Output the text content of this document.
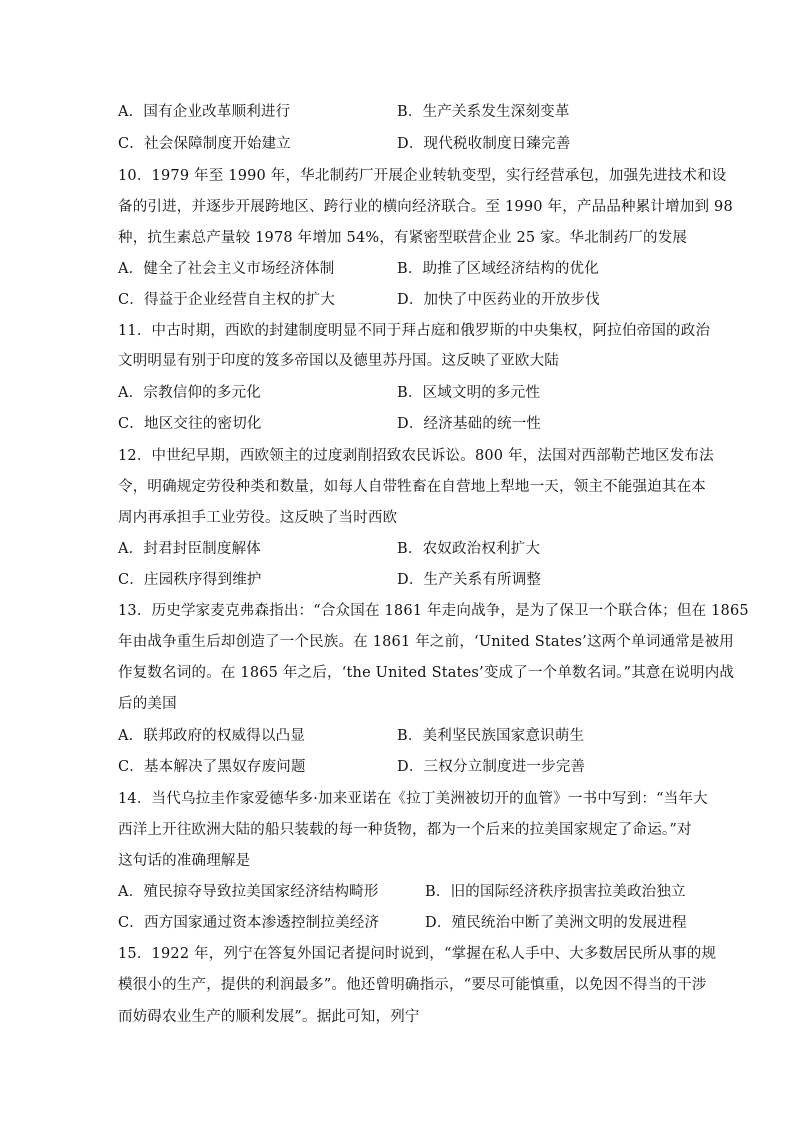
A．国有企业改革顺利进行	B．生产关系发生深刻变革
C．社会保障制度开始建立	D．现代税收制度日臻完善
10．1979 年至 1990 年，华北制药厂开展企业转轨变型，实行经营承包，加强先进技术和设
备的引进，并逐步开展跨地区、跨行业的横向经济联合。至 1990 年，产品品种累计增加到 98
种，抗生素总产量较 1978 年增加 54%，有紧密型联营企业 25 家。华北制药厂的发展
A．健全了社会主义市场经济体制	B．助推了区域经济结构的优化
C．得益于企业经营自主权的扩大	D．加快了中医药业的开放步伐
11．中古时期，西欧的封建制度明显不同于拜占庭和俄罗斯的中央集权，阿拉伯帝国的政治
文明明显有别于印度的笈多帝国以及德里苏丹国。这反映了亚欧大陆
A．宗教信仰的多元化	B．区域文明的多元性
C．地区交往的密切化	D．经济基础的统一性
12．中世纪早期，西欧领主的过度剥削招致农民诉讼。800 年，法国对西部勒芒地区发布法
令，明确规定劳役种类和数量，如每人自带牲畜在自营地上犁地一天，领主不能强迫其在本
周内再承担手工业劳役。这反映了当时西欧
A．封君封臣制度解体	B．农奴政治权利扩大
C．庄园秩序得到维护	D．生产关系有所调整
13．历史学家麦克弗森指出：“合众国在 1861 年走向战争，是为了保卫一个联合体；但在 1865
年由战争重生后却创造了一个民族。在 1861 年之前，‘United States’这两个单词通常是被用
作复数名词的。在 1865 年之后，‘the United States’变成了一个单数名词。”其意在说明内战
后的美国
A．联邦政府的权威得以凸显	B．美利坚民族国家意识萌生
C．基本解决了黑奴存废问题	D．三权分立制度进一步完善
14．当代乌拉圭作家爱德华多·加来亚诺在《拉丁美洲被切开的血管》一书中写到：“当年大
西洋上开往欧洲大陆的船只装载的每一种货物，都为一个后来的拉美国家规定了命运。”对
这句话的准确理解是
A．殖民掠夺导致拉美国家经济结构畸形	B．旧的国际经济秩序损害拉美政治独立
C．西方国家通过资本渗透控制拉美经济	D．殖民统治中断了美洲文明的发展进程
15．1922 年，列宁在答复外国记者提问时说到，“掌握在私人手中、大多数居民所从事的规
模很小的生产，提供的利润最多”。他还曾明确指示，“要尽可能慎重，以免因不得当的干涉
而妨碍农业生产的顺利发展”。据此可知，列宁
